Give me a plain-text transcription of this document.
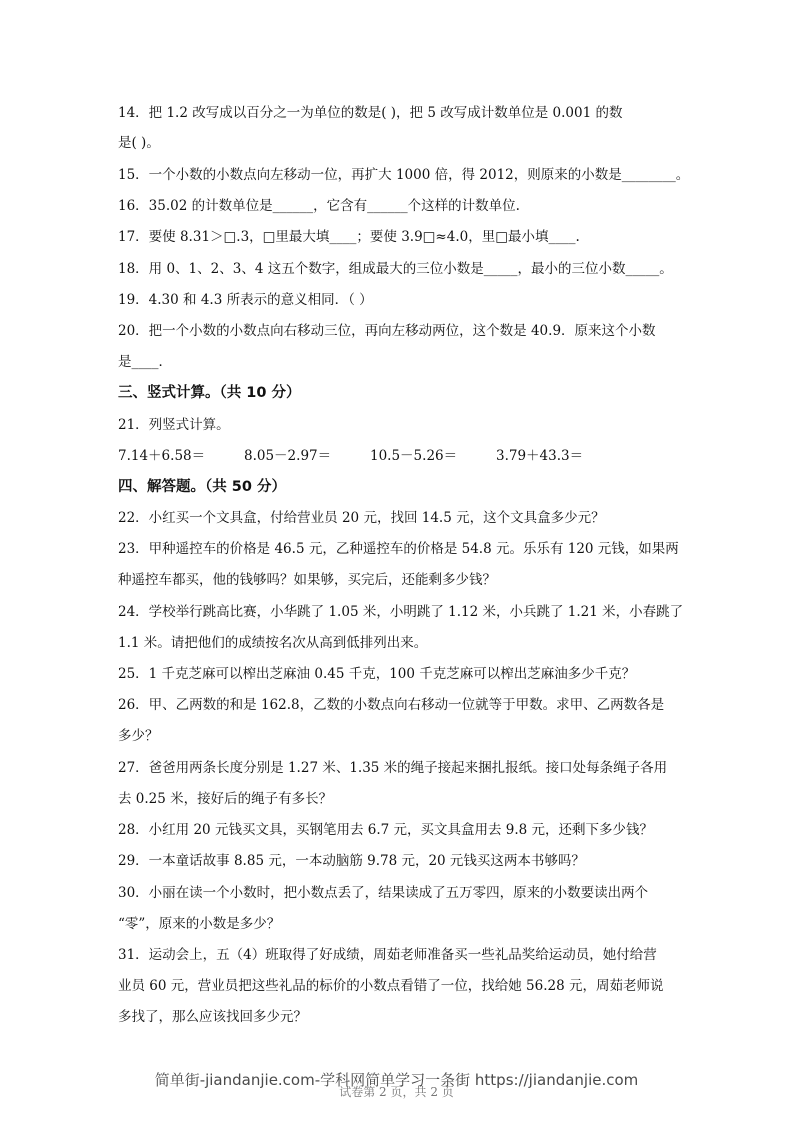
14．把 1.2 改写成以百分之一为单位的数是( )，把 5 改写成计数单位是 0.001 的数
是( )。
15．一个小数的小数点向左移动一位，再扩大 1000 倍，得 2012，则原来的小数是________。
16．35.02 的计数单位是______，它含有______个这样的计数单位.
17．要使 8.31＞□.3，□里最大填____；要使 3.9□≈4.0，里□最小填____.
18．用 0、1、2、3、4 这五个数字，组成最大的三位小数是_____，最小的三位小数_____。
19．4.30 和 4.3 所表示的意义相同．（ ）
20．把一个小数的小数点向右移动三位，再向左移动两位，这个数是 40.9．原来这个小数
是____．
三、竖式计算。（共 10 分）
21．列竖式计算。
7.14＋6.58＝	8.05－2.97＝	10.5－5.26＝	3.79＋43.3＝
四、解答题。（共 50 分）
22．小红买一个文具盒，付给营业员 20 元，找回 14.5 元，这个文具盒多少元？
23．甲种遥控车的价格是 46.5 元，乙种遥控车的价格是 54.8 元。乐乐有 120 元钱，如果两
种遥控车都买，他的钱够吗？如果够，买完后，还能剩多少钱？
24．学校举行跳高比赛，小华跳了 1.05 米，小明跳了 1.12 米，小兵跳了 1.21 米，小春跳了
1.1 米。请把他们的成绩按名次从高到低排列出来。
25．1 千克芝麻可以榨出芝麻油 0.45 千克，100 千克芝麻可以榨出芝麻油多少千克？
26．甲、乙两数的和是 162.8，乙数的小数点向右移动一位就等于甲数。求甲、乙两数各是
多少？
27．爸爸用两条长度分别是 1.27 米、1.35 米的绳子接起来捆扎报纸。接口处每条绳子各用
去 0.25 米，接好后的绳子有多长？
28．小红用 20 元钱买文具，买钢笔用去 6.7 元，买文具盒用去 9.8 元，还剩下多少钱？
29．一本童话故事 8.85 元，一本动脑筋 9.78 元，20 元钱买这两本书够吗？
30．小丽在读一个小数时，把小数点丢了，结果读成了五万零四，原来的小数要读出两个
“零”，原来的小数是多少？
31．运动会上，五（4）班取得了好成绩，周茹老师准备买一些礼品奖给运动员，她付给营
业员 60 元，营业员把这些礼品的标价的小数点看错了一位，找给她 56.28 元，周茹老师说
多找了，那么应该找回多少元？
试卷第 2 页，共 2 页
简单街-jiandanjie.com-学科网简单学习一条街 https://jiandanjie.com
